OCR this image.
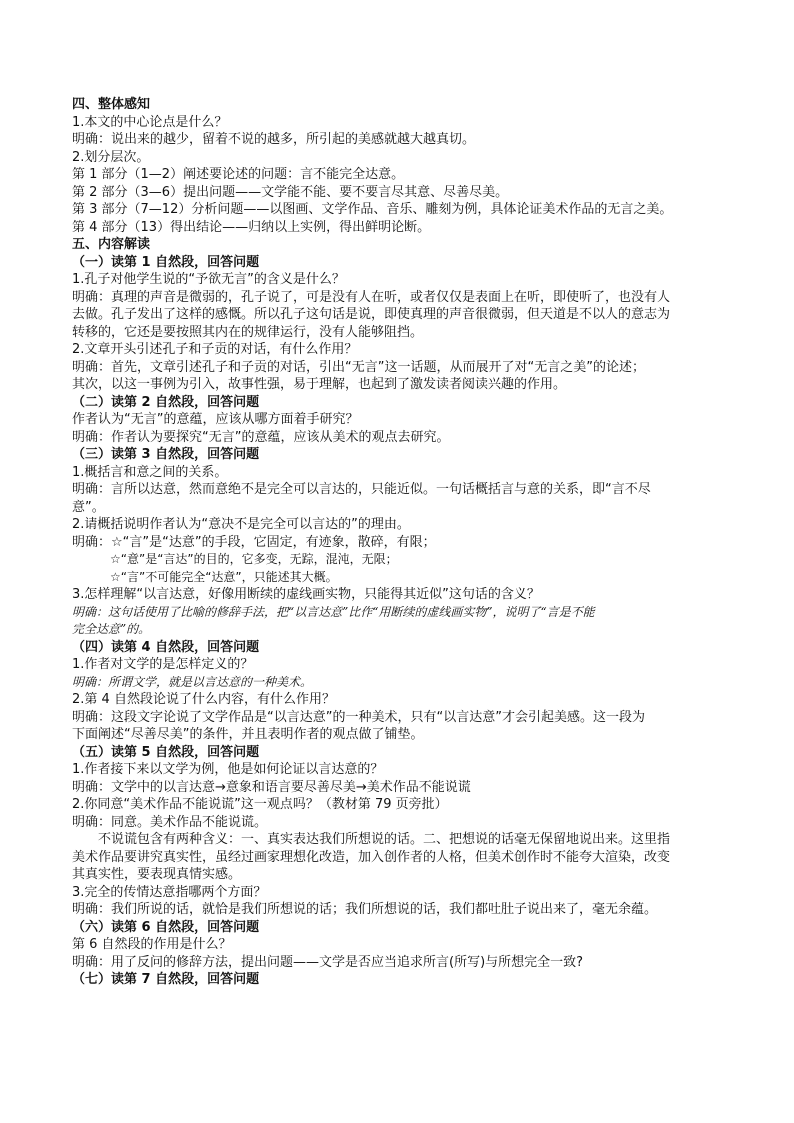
四、整体感知
1.本文的中心论点是什么？
明确：说出来的越少，留着不说的越多，所引起的美感就越大越真切。
2.划分层次。
第 1 部分（1—2）阐述要论述的问题：言不能完全达意。
第 2 部分（3—6）提出问题——文学能不能、要不要言尽其意、尽善尽美。
第 3 部分（7—12）分析问题——以图画、文学作品、音乐、雕刻为例，具体论证美术作品的无言之美。
第 4 部分（13）得出结论——归纳以上实例，得出鲜明论断。
五、内容解读
（一）读第 1 自然段，回答问题
1.孔子对他学生说的“予欲无言”的含义是什么？
明确：真理的声音是微弱的，孔子说了，可是没有人在听，或者仅仅是表面上在听，即使听了，也没有人
去做。孔子发出了这样的感慨。所以孔子这句话是说，即使真理的声音很微弱，但天道是不以人的意志为
转移的，它还是要按照其内在的规律运行，没有人能够阻挡。
2.文章开头引述孔子和子贡的对话，有什么作用？
明确：首先，文章引述孔子和子贡的对话，引出“无言”这一话题，从而展开了对“无言之美”的论述；
其次，以这一事例为引入，故事性强，易于理解，也起到了激发读者阅读兴趣的作用。
（二）读第 2 自然段，回答问题
作者认为“无言”的意蕴，应该从哪方面着手研究？
明确：作者认为要探究“无言”的意蕴，应该从美术的观点去研究。
（三）读第 3 自然段，回答问题
1.概括言和意之间的关系。
明确：言所以达意，然而意绝不是完全可以言达的，只能近似。一句话概括言与意的关系，即“言不尽
意”。
2.请概括说明作者认为“意决不是完全可以言达的”的理由。
明确：☆“言”是“达意”的手段，它固定，有迹象，散碎，有限；
☆“意”是“言达”的目的，它多变，无踪，混沌，无限；
☆“言”不可能完全“达意”，只能述其大概。
3.怎样理解“以言达意，好像用断续的虚线画实物，只能得其近似”这句话的含义？
明确：这句话使用了比喻的修辞手法，把“以言达意”比作“用断续的虚线画实物”，说明了“言是不能
完全达意”的。
（四）读第 4 自然段，回答问题
1.作者对文学的是怎样定义的？
明确：所谓文学，就是以言达意的一种美术。
2.第 4 自然段论说了什么内容，有什么作用？
明确：这段文字论说了文学作品是“以言达意”的一种美术，只有“以言达意”才会引起美感。这一段为
下面阐述“尽善尽美”的条件，并且表明作者的观点做了铺垫。
（五）读第 5 自然段，回答问题
1.作者接下来以文学为例，他是如何论证以言达意的？
明确：文学中的以言达意→意象和语言要尽善尽美→美术作品不能说谎
2.你同意“美术作品不能说谎”这一观点吗？（教材第 79 页旁批）
明确：同意。美术作品不能说谎。
不说谎包含有两种含义：一、真实表达我们所想说的话。二、把想说的话毫无保留地说出来。这里指
美术作品要讲究真实性，虽经过画家理想化改造，加入创作者的人格，但美术创作时不能夸大渲染，改变
其真实性，要表现真情实感。
3.完全的传情达意指哪两个方面？
明确：我们所说的话，就恰是我们所想说的话；我们所想说的话，我们都吐肚子说出来了，毫无余蕴。
（六）读第 6 自然段，回答问题
第 6 自然段的作用是什么？
明确：用了反问的修辞方法，提出问题——文学是否应当追求所言(所写)与所想完全一致?
（七）读第 7 自然段，回答问题
